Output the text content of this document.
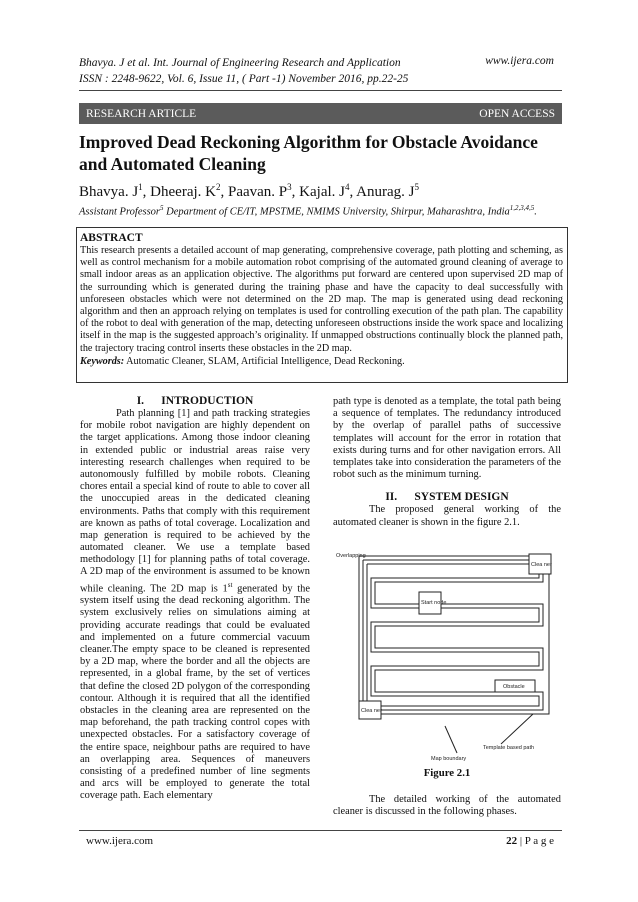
Bhavya. J et al. Int. Journal of Engineering Research and Application
ISSN : 2248-9622, Vol. 6, Issue 11, ( Part -1) November 2016, pp.22-25
www.ijera.com
RESEARCH ARTICLE	OPEN ACCESS
Improved Dead Reckoning Algorithm for Obstacle Avoidance and Automated Cleaning
Bhavya. $J^1$, Dheeraj. $K^2$, Paavan. $P^3$, Kajal. $J^4$, Anurag. $J^5$
Assistant Professor$^5$ Department of CE/IT, MPSTME, NMIMS University, Shirpur, Maharashtra, India$^{1,2,3,4,5}$.
ABSTRACT
This research presents a detailed account of map generating, comprehensive coverage, path plotting and scheming, as well as control mechanism for a mobile automation robot comprising of the automated ground cleaning of average to small indoor areas as an application objective. The algorithms put forward are centered upon supervised 2D map of the surrounding which is generated during the training phase and have the capacity to deal successfully with unforeseen obstacles which were not determined on the 2D map. The map is generated using dead reckoning algorithm and then an approach relying on templates is used for controlling execution of the path plan. The capability of the robot to deal with generation of the map, detecting unforeseen obstructions inside the work space and localizing itself in the map is the suggested approach’s originality. If unmapped obstructions continually block the planned path, the trajectory tracing control inserts these obstacles in the 2D map.
Keywords: Automatic Cleaner, SLAM, Artificial Intelligence, Dead Reckoning.
I.      INTRODUCTION

Path planning [1] and path tracking strategies for mobile robot navigation are highly dependent on the target applications. Among those indoor cleaning in extended public or industrial areas raise very interesting research challenges when required to be autonomously fulfilled by mobile robots. Cleaning chores entail a special kind of route to able to cover all the unoccupied areas in the dedicated cleaning environments. Paths that comply with this requirement are known as paths of total coverage. Localization and map generation is required to be achieved by the automated cleaner. We use a template based methodology [1] for planning paths of total coverage. A 2D map of the environment is assumed to be known while cleaning. The 2D map is 1st generated by the system itself using the dead reckoning algorithm. The system exclusively relies on simulations aiming at providing accurate readings that could be evaluated and implemented on a future commercial vacuum cleaner.The empty space to be cleaned is represented by a 2D map, where the border and all the objects are represented, in a global frame, by the set of vertices that define the closed 2D polygon of the corresponding contour. Although it is required that all the identified obstacles in the cleaning area are represented on the map beforehand, the path tracking control copes with unexpected obstacles. For a satisfactory coverage of the entire space, neighbour paths are required to have an overlapping area. Sequences of maneuvers consisting of a predefined number of line segments and arcs will be employed to generate the total coverage path. Each elementary

path type is denoted as a template, the total path being a sequence of templates. The redundancy introduced by the overlap of parallel paths of successive templates will account for the error in rotation that exists during turns and for other navigation errors. All templates take into consideration the parameters of the robot such as the minimum turning.

II.      SYSTEM DESIGN

The proposed general working of the automated cleaner is shown in the figure 2.1.

Overlapping
Clea ner
Start node
Obstacle
Clea ner
Template based path
Map boundary
Figure 2.1
The detailed working of the automated cleaner is discussed in the following phases.
www.ijera.com	22 | P a g e
